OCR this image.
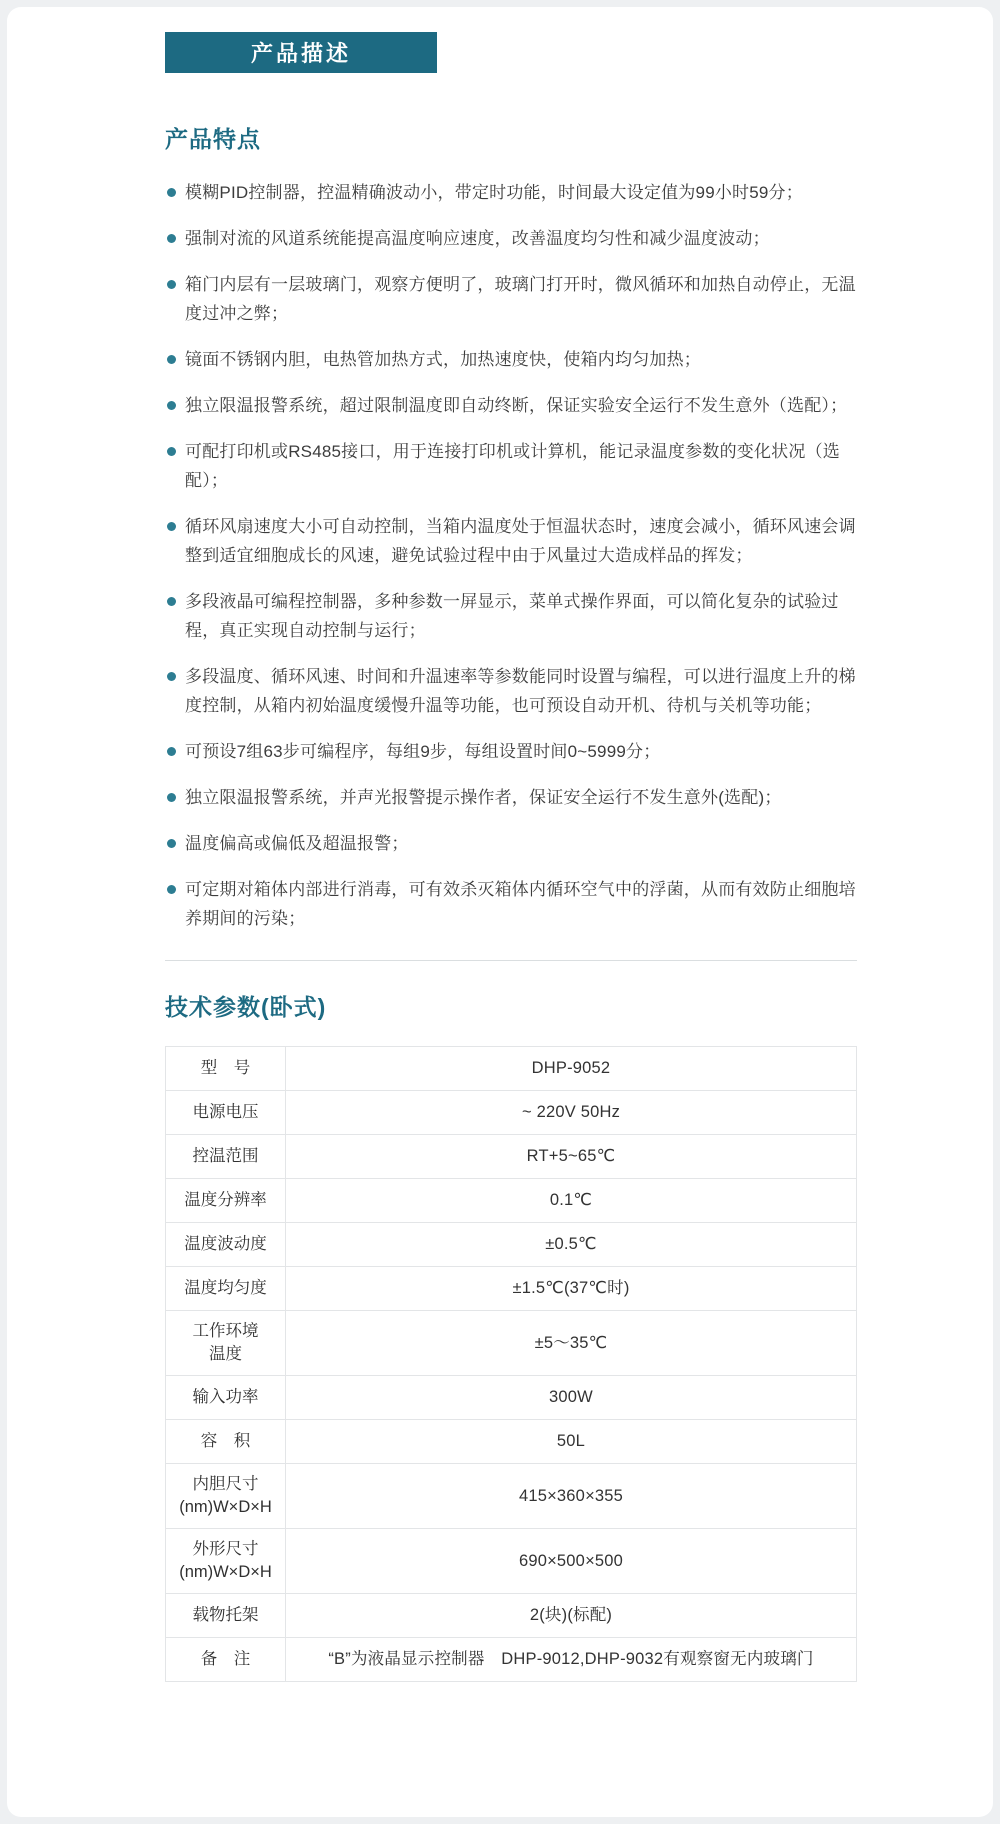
产品描述
产品特点
模糊PID控制器，控温精确波动小，带定时功能，时间最大设定值为99小时59分；
强制对流的风道系统能提高温度响应速度，改善温度均匀性和减少温度波动；
箱门内层有一层玻璃门，观察方便明了，玻璃门打开时，微风循环和加热自动停止，无温度过冲之弊；
镜面不锈钢内胆，电热管加热方式，加热速度快，使箱内均匀加热；
独立限温报警系统，超过限制温度即自动终断，保证实验安全运行不发生意外（选配）；
可配打印机或RS485接口，用于连接打印机或计算机，能记录温度参数的变化状况（选配）；
循环风扇速度大小可自动控制，当箱内温度处于恒温状态时，速度会减小，循环风速会调整到适宜细胞成长的风速，避免试验过程中由于风量过大造成样品的挥发；
多段液晶可编程控制器，多种参数一屏显示，菜单式操作界面，可以简化复杂的试验过程，真正实现自动控制与运行；
多段温度、循环风速、时间和升温速率等参数能同时设置与编程，可以进行温度上升的梯度控制，从箱内初始温度缓慢升温等功能，也可预设自动开机、待机与关机等功能；
可预设7组63步可编程序，每组9步，每组设置时间0~5999分；
独立限温报警系统，并声光报警提示操作者，保证安全运行不发生意外(选配)；
温度偏高或偏低及超温报警；
可定期对箱体内部进行消毒，可有效杀灭箱体内循环空气中的浮菌，从而有效防止细胞培养期间的污染；
技术参数(卧式)
型　号	DHP-9052
电源电压	~ 220V 50Hz
控温范围	RT+5~65℃
温度分辨率	0.1℃
温度波动度	±0.5℃
温度均匀度	±1.5℃(37℃时)
工作环境
温度	±5～35℃
输入功率	300W
容　积	50L
内胆尺寸
(nm)W×D×H	415×360×355
外形尺寸
(nm)W×D×H	690×500×500
载物托架	2(块)(标配)
备　注	“B”为液晶显示控制器　DHP-9012,DHP-9032有观察窗无内玻璃门
